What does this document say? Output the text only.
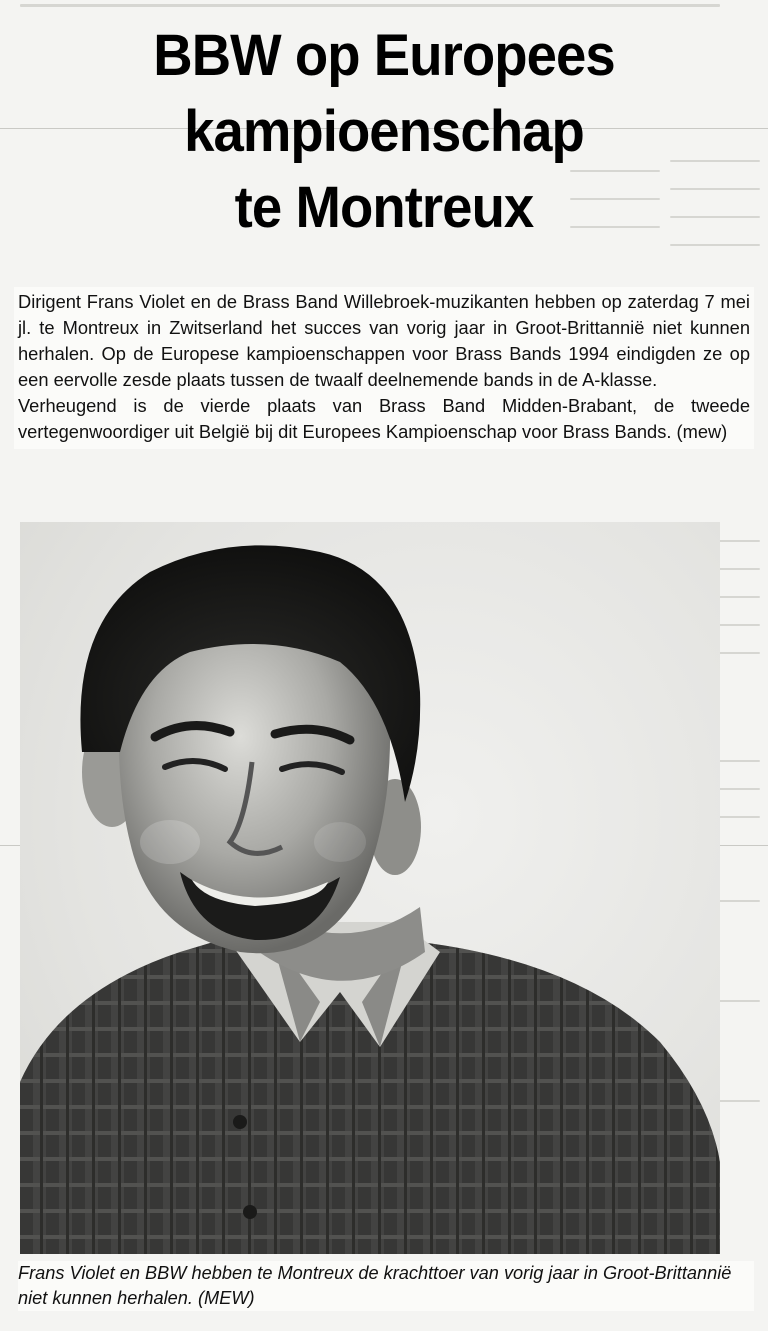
BBW op Europees
kampioenschap
te Montreux

Dirigent Frans Violet en de Brass Band Willebroek-muzikanten hebben op zaterdag 7 mei jl. te Montreux in Zwitserland het succes van vorig jaar in Groot-Brittannië niet kunnen herhalen. Op de Europese kampioenschappen voor Brass Bands 1994 eindigden ze op een eervolle zesde plaats tussen de twaalf deelnemende bands in de A-klasse.

Verheugend is de vierde plaats van Brass Band Midden-Brabant, de tweede vertegenwoordiger uit België bij dit Europees Kampioenschap voor Brass Bands. (mew)

Frans Violet en BBW hebben te Montreux de krachttoer van vorig jaar in Groot-Brittannië niet kunnen herhalen. (MEW)
